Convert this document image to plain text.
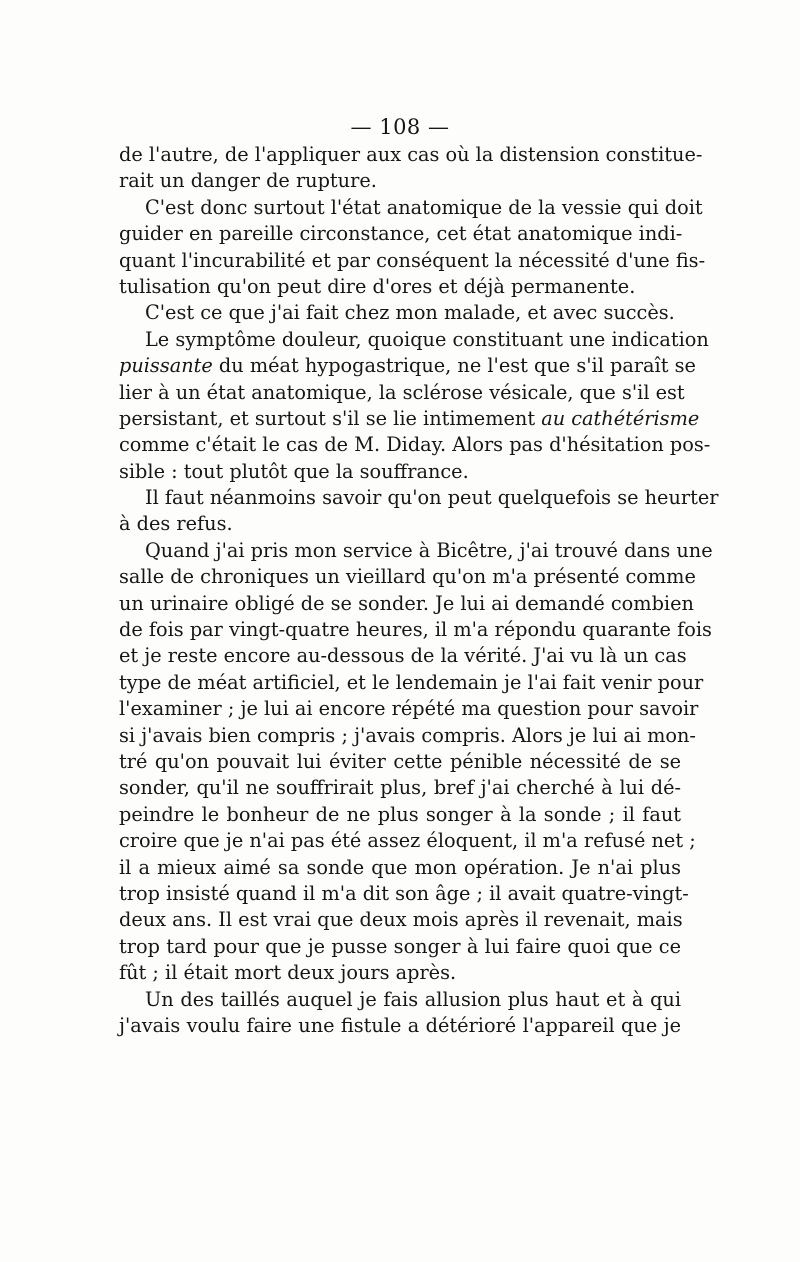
— 108 —
de l'autre, de l'appliquer aux cas où la distension constitue-
rait un danger de rupture.
C'est donc surtout l'état anatomique de la vessie qui doit
guider en pareille circonstance, cet état anatomique indi-
quant l'incurabilité et par conséquent la nécessité d'une fis-
tulisation qu'on peut dire d'ores et déjà permanente.
C'est ce que j'ai fait chez mon malade, et avec succès.
Le symptôme douleur, quoique constituant une indication
puissante du méat hypogastrique, ne l'est que s'il paraît se
lier à un état anatomique, la sclérose vésicale, que s'il est
persistant, et surtout s'il se lie intimement au cathétérisme
comme c'était le cas de M. Diday. Alors pas d'hésitation pos-
sible : tout plutôt que la souffrance.
Il faut néanmoins savoir qu'on peut quelquefois se heurter
à des refus.
Quand j'ai pris mon service à Bicêtre, j'ai trouvé dans une
salle de chroniques un vieillard qu'on m'a présenté comme
un urinaire obligé de se sonder. Je lui ai demandé combien
de fois par vingt-quatre heures, il m'a répondu quarante fois
et je reste encore au-dessous de la vérité. J'ai vu là un cas
type de méat artificiel, et le lendemain je l'ai fait venir pour
l'examiner ; je lui ai encore répété ma question pour savoir
si j'avais bien compris ; j'avais compris. Alors je lui ai mon-
tré qu'on pouvait lui éviter cette pénible nécessité de se
sonder, qu'il ne souffrirait plus, bref j'ai cherché à lui dé-
peindre le bonheur de ne plus songer à la sonde ; il faut
croire que je n'ai pas été assez éloquent, il m'a refusé net ;
il a mieux aimé sa sonde que mon opération. Je n'ai plus
trop insisté quand il m'a dit son âge ; il avait quatre-vingt-
deux ans. Il est vrai que deux mois après il revenait, mais
trop tard pour que je pusse songer à lui faire quoi que ce
fût ; il était mort deux jours après.
Un des taillés auquel je fais allusion plus haut et à qui
j'avais voulu faire une fistule a détérioré l'appareil que je
